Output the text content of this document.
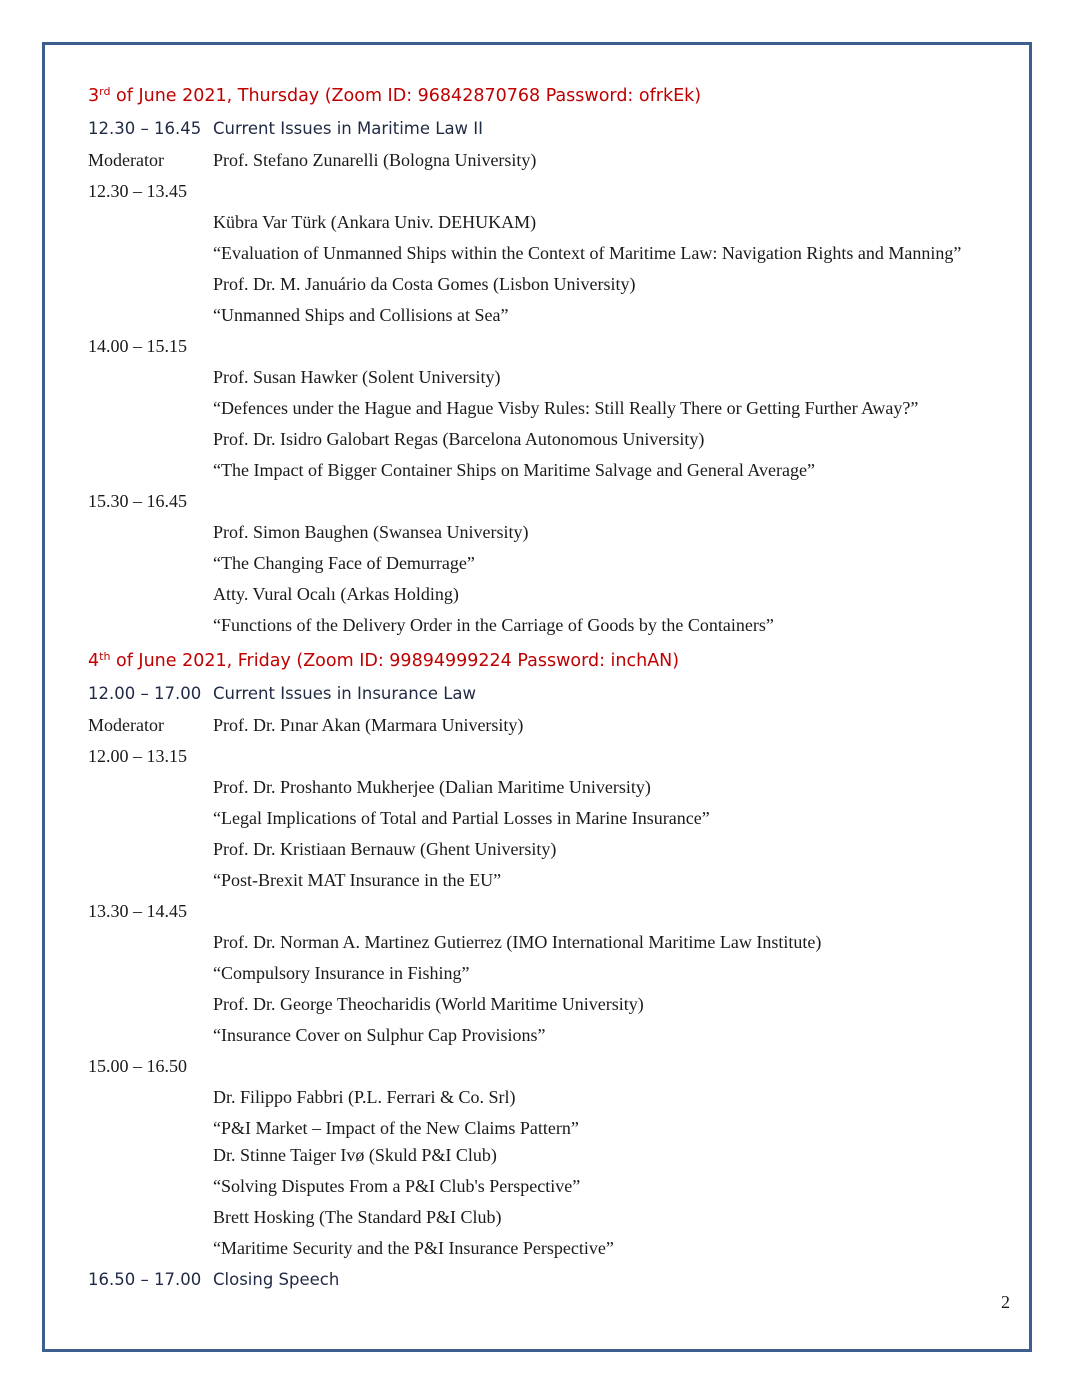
3rd of June 2021, Thursday (Zoom ID: 96842870768 Password: ofrkEk)
12.30 – 16.45 Current Issues in Maritime Law II
Moderator	Prof. Stefano Zunarelli (Bologna University)
12.30 – 13.45
Kübra Var Türk (Ankara Univ. DEHUKAM)
“Evaluation of Unmanned Ships within the Context of Maritime Law: Navigation Rights and Manning”
Prof. Dr. M. Januário da Costa Gomes (Lisbon University)
“Unmanned Ships and Collisions at Sea”
14.00 – 15.15
Prof. Susan Hawker (Solent University)
“Defences under the Hague and Hague Visby Rules: Still Really There or Getting Further Away?”
Prof. Dr. Isidro Galobart Regas (Barcelona Autonomous University)
“The Impact of Bigger Container Ships on Maritime Salvage and General Average”
15.30 – 16.45
Prof. Simon Baughen (Swansea University)
“The Changing Face of Demurrage”
Atty. Vural Ocalı (Arkas Holding)
“Functions of the Delivery Order in the Carriage of Goods by the Containers”
4th of June 2021, Friday (Zoom ID: 99894999224 Password: inchAN)
12.00 – 17.00 Current Issues in Insurance Law
Moderator	Prof. Dr. Pınar Akan (Marmara University)
12.00 – 13.15
Prof. Dr. Proshanto Mukherjee (Dalian Maritime University)
“Legal Implications of Total and Partial Losses in Marine Insurance”
Prof. Dr. Kristiaan Bernauw (Ghent University)
“Post-Brexit MAT Insurance in the EU”
13.30 – 14.45
Prof. Dr. Norman A. Martinez Gutierrez (IMO International Maritime Law Institute)
“Compulsory Insurance in Fishing”
Prof. Dr. George Theocharidis (World Maritime University)
“Insurance Cover on Sulphur Cap Provisions”
15.00 – 16.50
Dr. Filippo Fabbri (P.L. Ferrari & Co. Srl)
“P&I Market – Impact of the New Claims Pattern”
Dr. Stinne Taiger Ivø (Skuld P&I Club)
“Solving Disputes From a P&I Club's Perspective”
Brett Hosking (The Standard P&I Club)
“Maritime Security and the P&I Insurance Perspective”
16.50 – 17.00 Closing Speech
2
